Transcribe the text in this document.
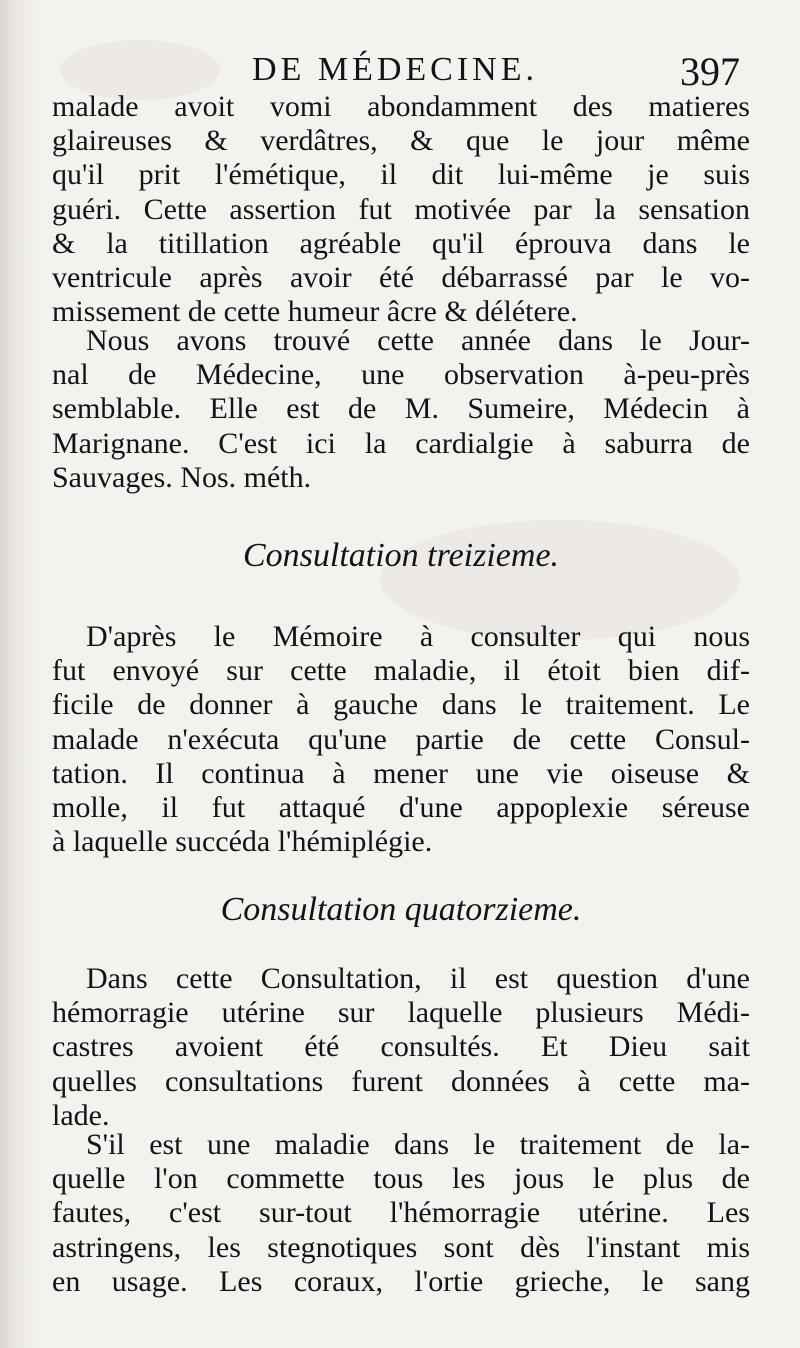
DE MÉDECINE.	397
malade avoit vomi abondamment des matieres
glaireuses & verdâtres, & que le jour même
qu'il prit l'émétique, il dit lui-même je suis
guéri. Cette assertion fut motivée par la sensation
& la titillation agréable qu'il éprouva dans le
ventricule après avoir été débarrassé par le vo-
missement de cette humeur âcre & délétere.
Nous avons trouvé cette année dans le Jour-
nal de Médecine, une observation à-peu-près
semblable. Elle est de M. Sumeire, Médecin à
Marignane. C'est ici la cardialgie à saburra de
Sauvages. Nos. méth.
Consultation treizieme.
D'après le Mémoire à consulter qui nous
fut envoyé sur cette maladie, il étoit bien dif-
ficile de donner à gauche dans le traitement. Le
malade n'exécuta qu'une partie de cette Consul-
tation. Il continua à mener une vie oiseuse &
molle, il fut attaqué d'une appoplexie séreuse
à laquelle succéda l'hémiplégie.
Consultation quatorzieme.
Dans cette Consultation, il est question d'une
hémorragie utérine sur laquelle plusieurs Médi-
castres avoient été consultés. Et Dieu sait
quelles consultations furent données à cette ma-
lade.
S'il est une maladie dans le traitement de la-
quelle l'on commette tous les jous le plus de
fautes, c'est sur-tout l'hémorragie utérine. Les
astringens, les stegnotiques sont dès l'instant mis
en usage. Les coraux, l'ortie grieche, le sang
